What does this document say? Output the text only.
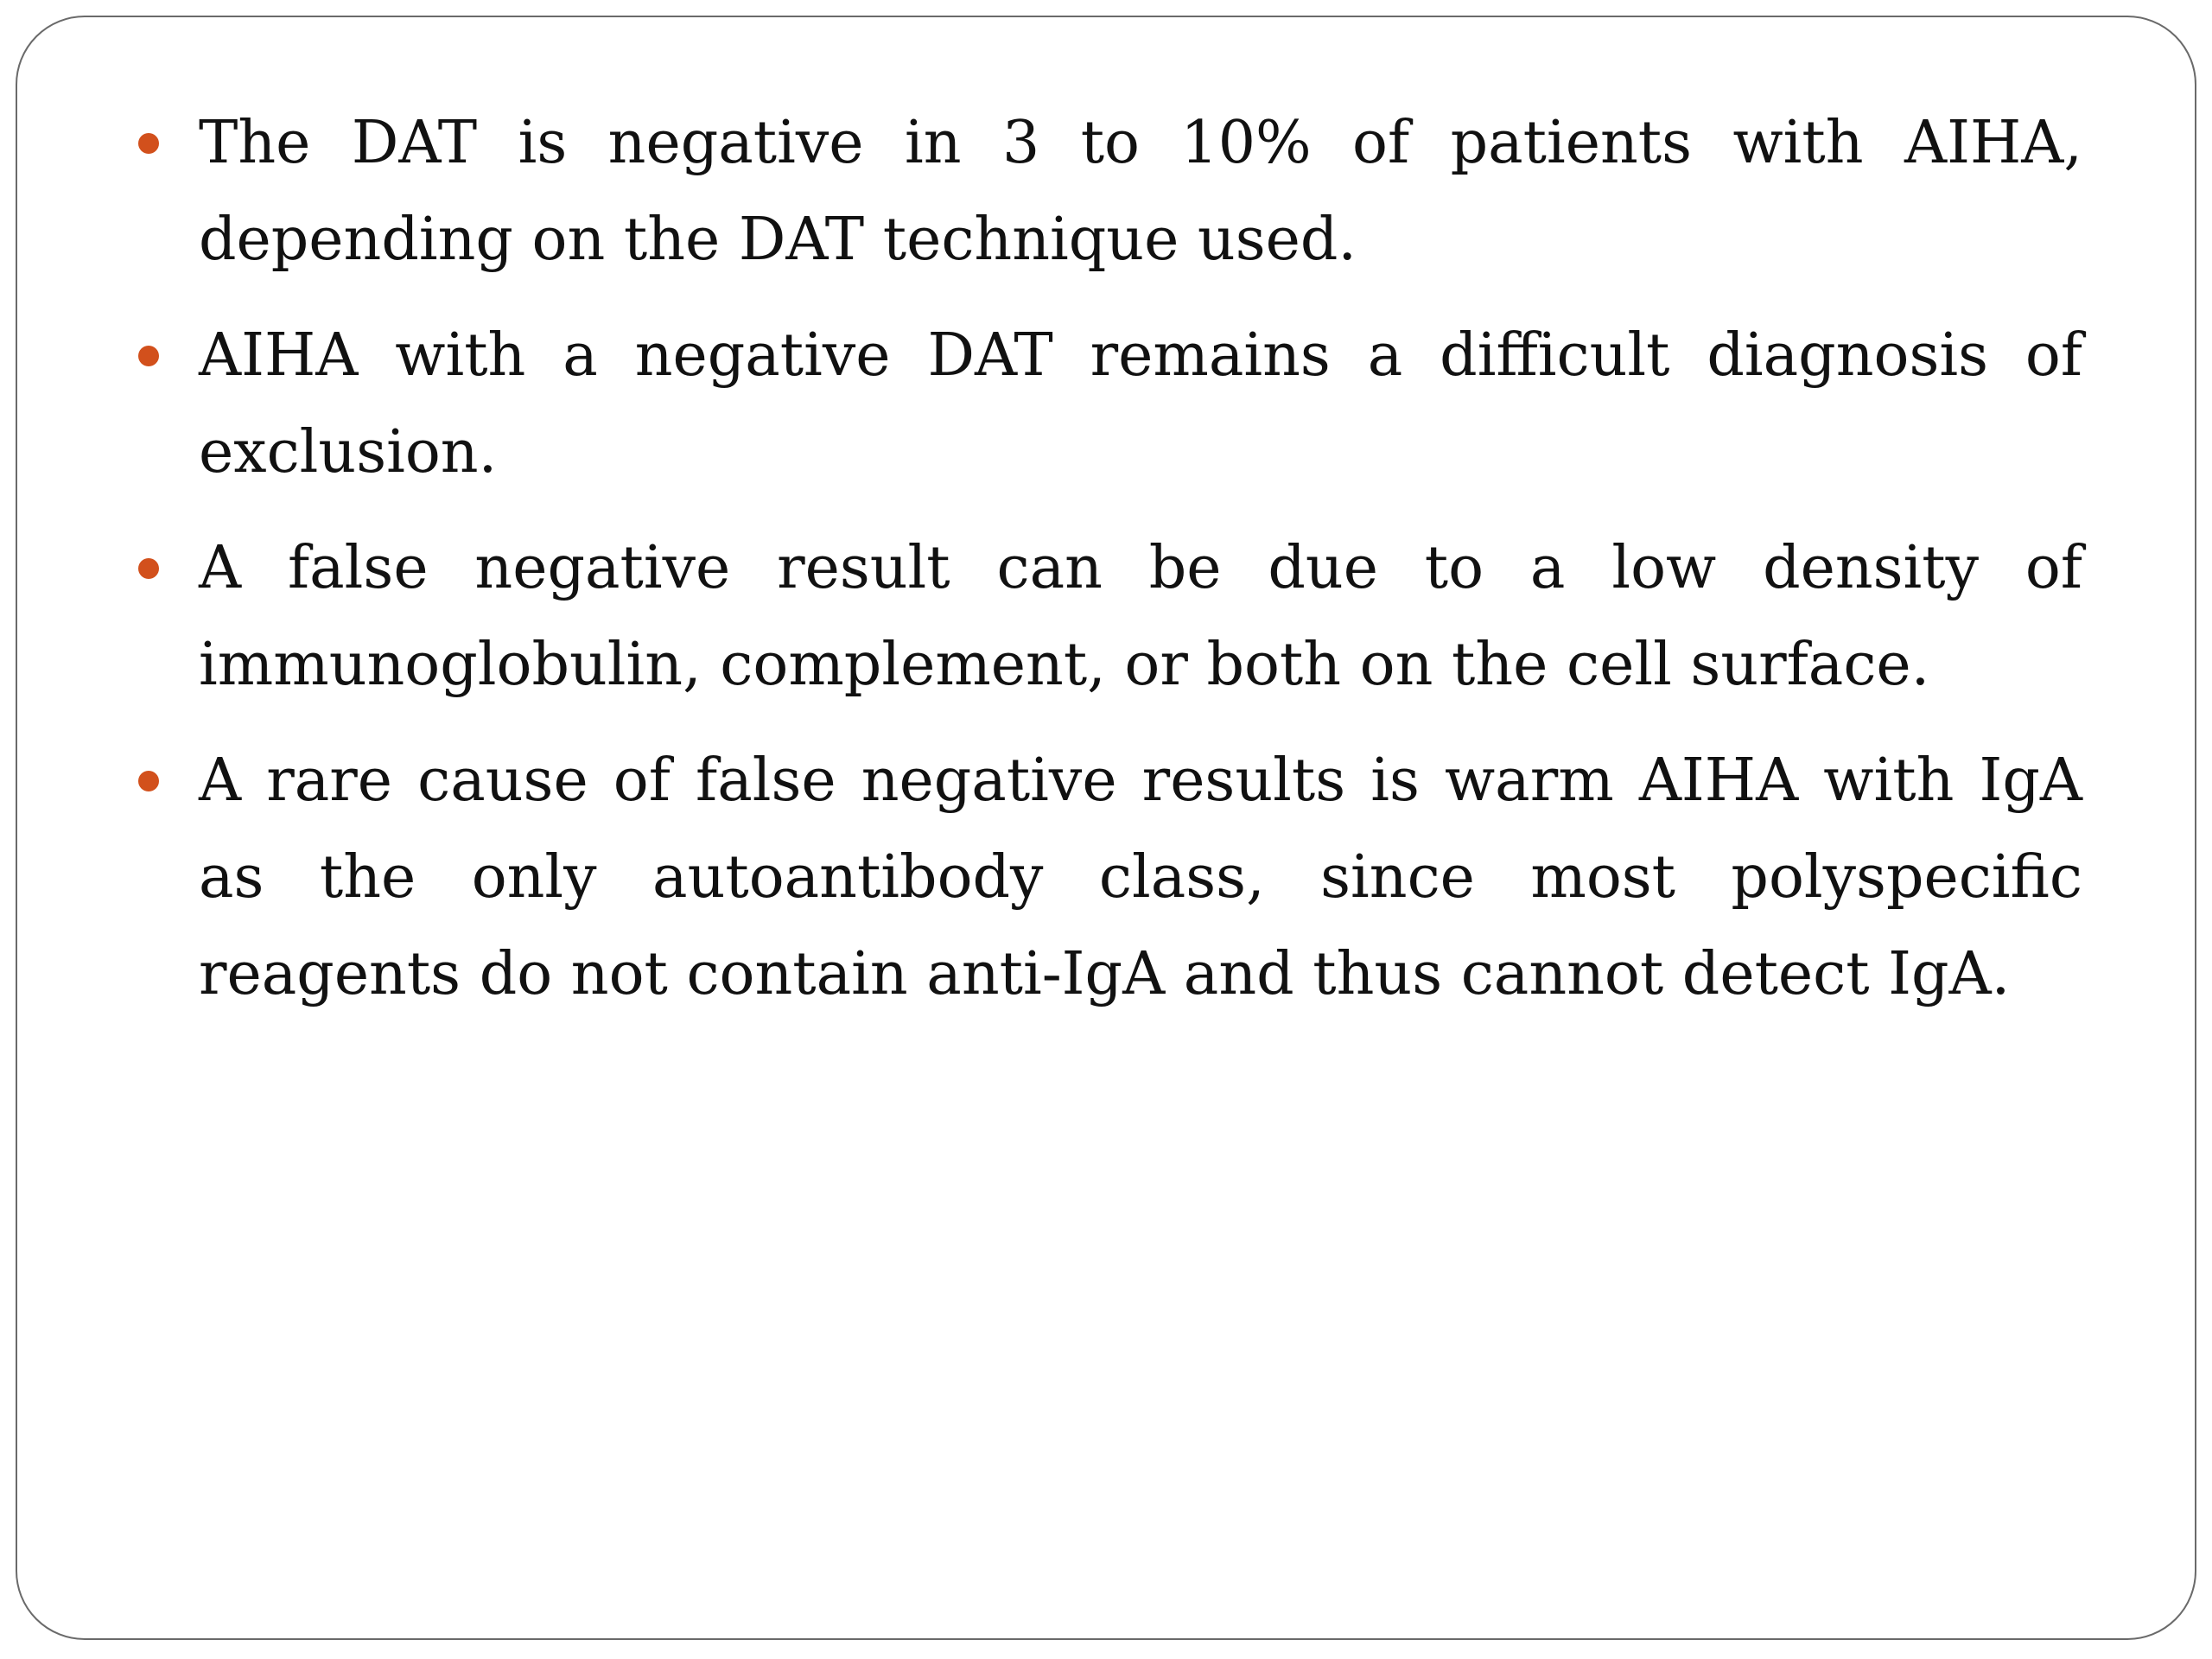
The DAT is negative in 3 to 10% of patients with AIHA, depending on the DAT technique used.
AIHA with a negative DAT remains a difficult diagnosis of exclusion.
A false negative result can be due to a low density of immunoglobulin, complement, or both on the cell surface.
A rare cause of false negative results is warm AIHA with IgA as the only autoantibody class, since most polyspecific reagents do not contain anti-IgA and thus cannot detect IgA.
